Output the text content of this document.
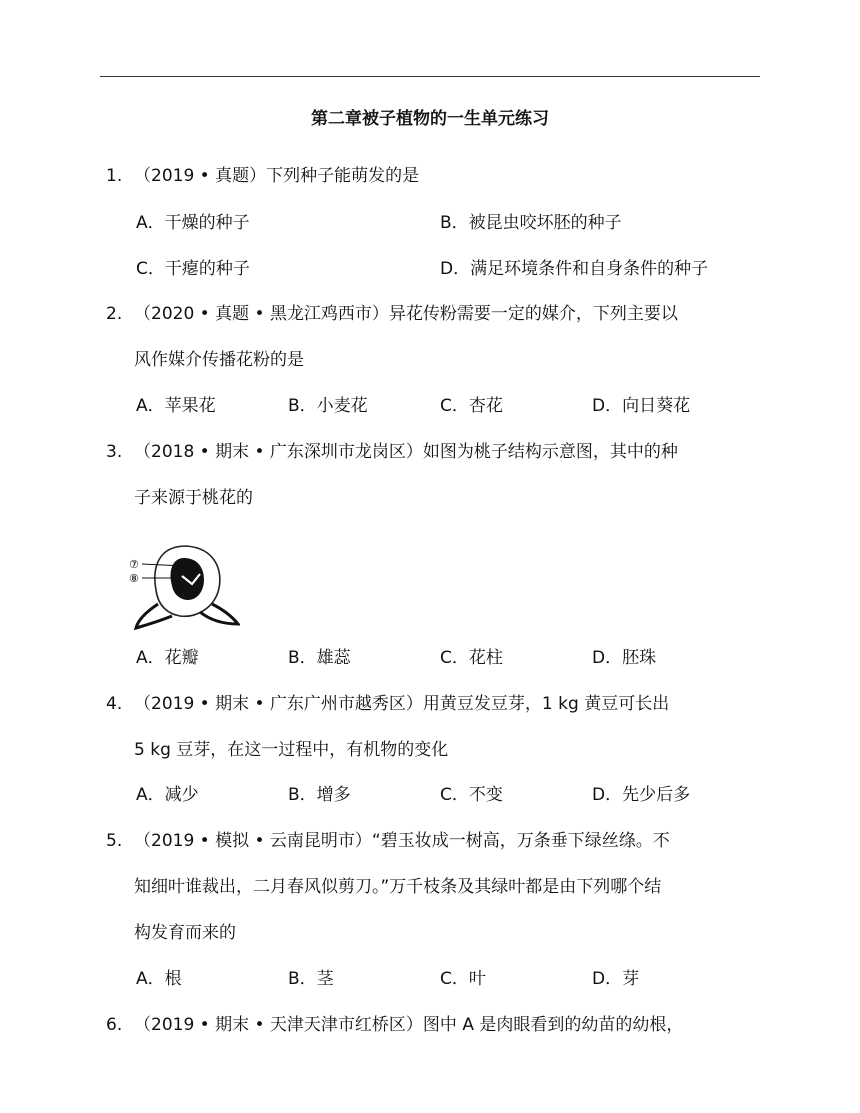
第二章被子植物的一生单元练习
1. （2019 • 真题）下列种子能萌发的是
A．干燥的种子	B．被昆虫咬坏胚的种子
C．干瘪的种子	D．满足环境条件和自身条件的种子
2. （2020 • 真题 • 黑龙江鸡西市）异花传粉需要一定的媒介，下列主要以
风作媒介传播花粉的是
A．苹果花	B．小麦花	C．杏花	D．向日葵花
3. （2018 • 期末 • 广东深圳市龙岗区）如图为桃子结构示意图，其中的种
子来源于桃花的
⑦
⑧
A．花瓣	B．雄蕊	C．花柱	D．胚珠
4. （2019 • 期末 • 广东广州市越秀区）用黄豆发豆芽，1 kg 黄豆可长出
5 kg 豆芽，在这一过程中，有机物的变化
A．减少	B．增多	C．不变	D．先少后多
5. （2019 • 模拟 • 云南昆明市）“碧玉妆成一树高，万条垂下绿丝绦。不
知细叶谁裁出，二月春风似剪刀。”万千枝条及其绿叶都是由下列哪个结
构发育而来的
A．根	B．茎	C．叶	D．芽
6. （2019 • 期末 • 天津天津市红桥区）图中 A 是肉眼看到的幼苗的幼根，
